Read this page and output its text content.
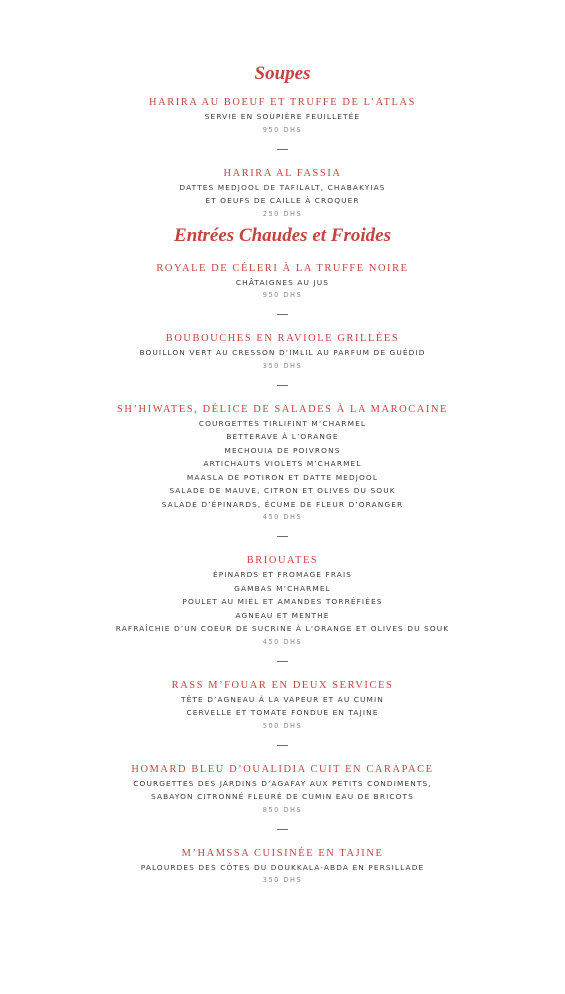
Soupes
HARIRA AU BOEUF ET TRUFFE DE L’ATLAS
SERVIE EN SOUPIÈRE FEUILLETÉE
950 DHS
HARIRA AL FASSIA
DATTES MEDJOOL DE TAFILALT, CHABAKYIAS
ET OEUFS DE CAILLE À CROQUER
250 DHS
Entrées Chaudes et Froides
ROYALE DE CÉLERI À LA TRUFFE NOIRE
CHÂTAIGNES AU JUS
950 DHS
BOUBOUCHES EN RAVIOLE GRILLÉES
BOUILLON VERT AU CRESSON D’IMLIL AU PARFUM DE GUÉDID
350 DHS
SH’HIWATES, DÉLICE DE SALADES À LA MAROCAINE
COURGETTES TIRLIFINT M’CHARMEL
BETTERAVE À L’ORANGE
MECHOUIA DE POIVRONS
ARTICHAUTS VIOLETS M’CHARMEL
MAASLA DE POTIRON ET DATTE MEDJOOL
SALADE DE MAUVE, CITRON ET OLIVES DU SOUK
SALADE D’ÉPINARDS, ÉCUME DE FLEUR D’ORANGER
450 DHS
BRIOUATES
ÉPINARDS ET FROMAGE FRAIS
GAMBAS M’CHARMEL
POULET AU MIEL ET AMANDES TORRÉFIÉES
AGNEAU ET MENTHE
RAFRAÎCHIE D’UN COEUR DE SUCRINE À L’ORANGE ET OLIVES DU SOUK
450 DHS
RASS M’FOUAR EN DEUX SERVICES
TÊTE D’AGNEAU À LA VAPEUR ET AU CUMIN
CERVELLE ET TOMATE FONDUE EN TAJINE
500 DHS
HOMARD BLEU D’OUALIDIA CUIT EN CARAPACE
COURGETTES DES JARDINS D’AGAFAY AUX PETITS CONDIMENTS,
SABAYON CITRONNÉ FLEURÉ DE CUMIN EAU DE BRICOTS
850 DHS
M’HAMSSA CUISINÉE EN TAJINE
PALOURDES DES CÔTES DU DOUKKALA-ABDA EN PERSILLADE
350 DHS
